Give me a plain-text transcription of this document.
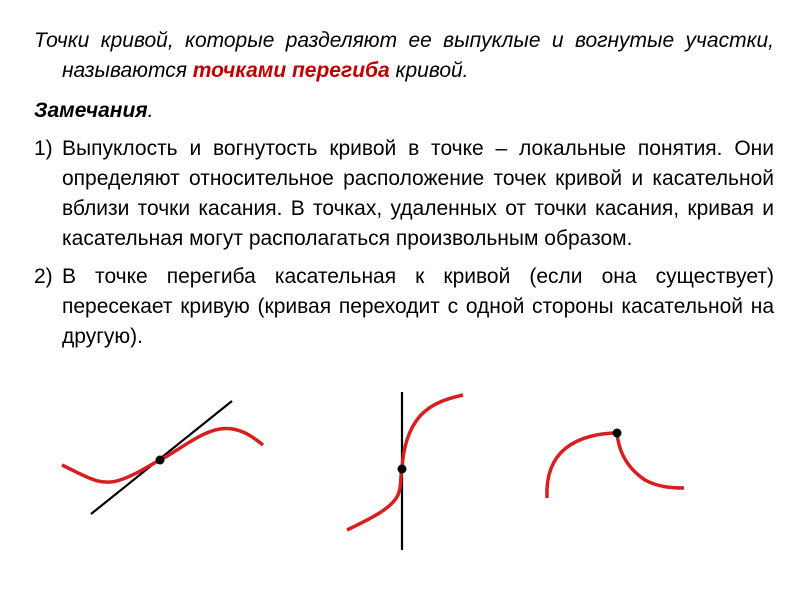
Точки кривой, которые разделяют ее выпуклые и вогнутые участки, называются точками перегиба кривой.

Замечания.

1) Выпуклость и вогнутость кривой в точке – локальные понятия. Они определяют относительное расположение точек кривой и касательной вблизи точки касания. В точках, удаленных от точки касания, кривая и касательная могут располагаться произвольным образом.
2) В точке перегиба касательная к кривой (если она существует) пересекает кривую (кривая переходит с одной стороны касательной на другую).
